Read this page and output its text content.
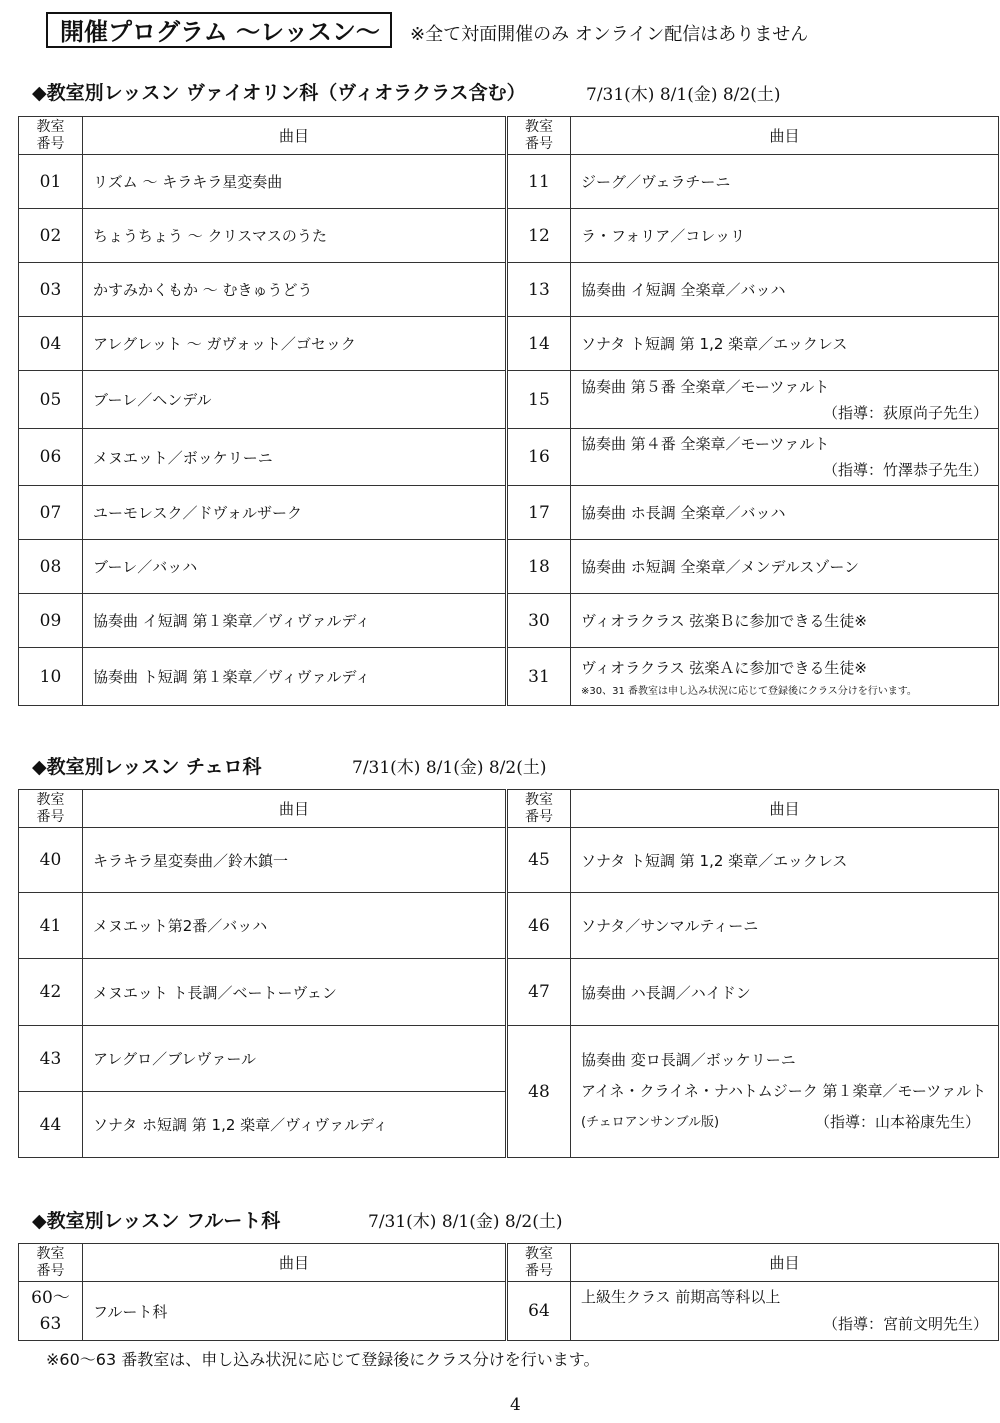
開催プログラム ～レッスン～	※全て対面開催のみ オンライン配信はありません
◆教室別レッスン ヴァイオリン科（ヴィオラクラス含む）	7/31(木) 8/1(金) 8/2(土)
教室
番号	曲目	教室
番号	曲目
01	リズム ～ キラキラ星変奏曲	11	ジーグ／ヴェラチーニ

02	ちょうちょう ～ クリスマスのうた	12	ラ・フォリア／コレッリ

03	かすみかくもか ～ むきゅうどう	13	協奏曲 イ短調 全楽章／バッハ

04	アレグレット ～ ガヴォット／ゴセック	14	ソナタ ト短調 第 1,2 楽章／エックレス

05	ブーレ／ヘンデル	15	協奏曲 第５番 全楽章／モーツァルト
（指導：荻原尚子先生）

06	メヌエット／ボッケリーニ	16	協奏曲 第４番 全楽章／モーツァルト
（指導：竹澤恭子先生）

07	ユーモレスク／ドヴォルザーク	17	協奏曲 ホ長調 全楽章／バッハ

08	ブーレ／バッハ	18	協奏曲 ホ短調 全楽章／メンデルスゾーン

09	協奏曲 イ短調 第１楽章／ヴィヴァルディ	30	ヴィオラクラス 弦楽Ｂに参加できる生徒※

10	協奏曲 ト短調 第１楽章／ヴィヴァルディ	31	ヴィオラクラス 弦楽Ａに参加できる生徒※
※30、31 番教室は申し込み状況に応じて登録後にクラス分けを行います。
◆教室別レッスン チェロ科	7/31(木) 8/1(金) 8/2(土)
教室
番号	曲目	教室
番号	曲目
40	キラキラ星変奏曲／鈴木鎮一	45	ソナタ ト短調 第 1,2 楽章／エックレス
41	メヌエット第2番／バッハ	46	ソナタ／サンマルティーニ
42	メヌエット ト長調／ベートーヴェン	47	協奏曲 ハ長調／ハイドン
43	アレグロ／ブレヴァール	48	協奏曲 変ロ長調／ボッケリーニ
アイネ・クライネ・ナハトムジーク 第１楽章／モーツァルト
(チェロアンサンブル版) （指導：山本裕康先生）

44	ソナタ ホ短調 第 1,2 楽章／ヴィヴァルディ		
◆教室別レッスン フルート科	7/31(木) 8/1(金) 8/2(土)
教室
番号	曲目	教室
番号	曲目
60～
63	フルート科	64	上級生クラス 前期高等科以上
（指導：宮前文明先生）
※60～63 番教室は、申し込み状況に応じて登録後にクラス分けを行います。
4
